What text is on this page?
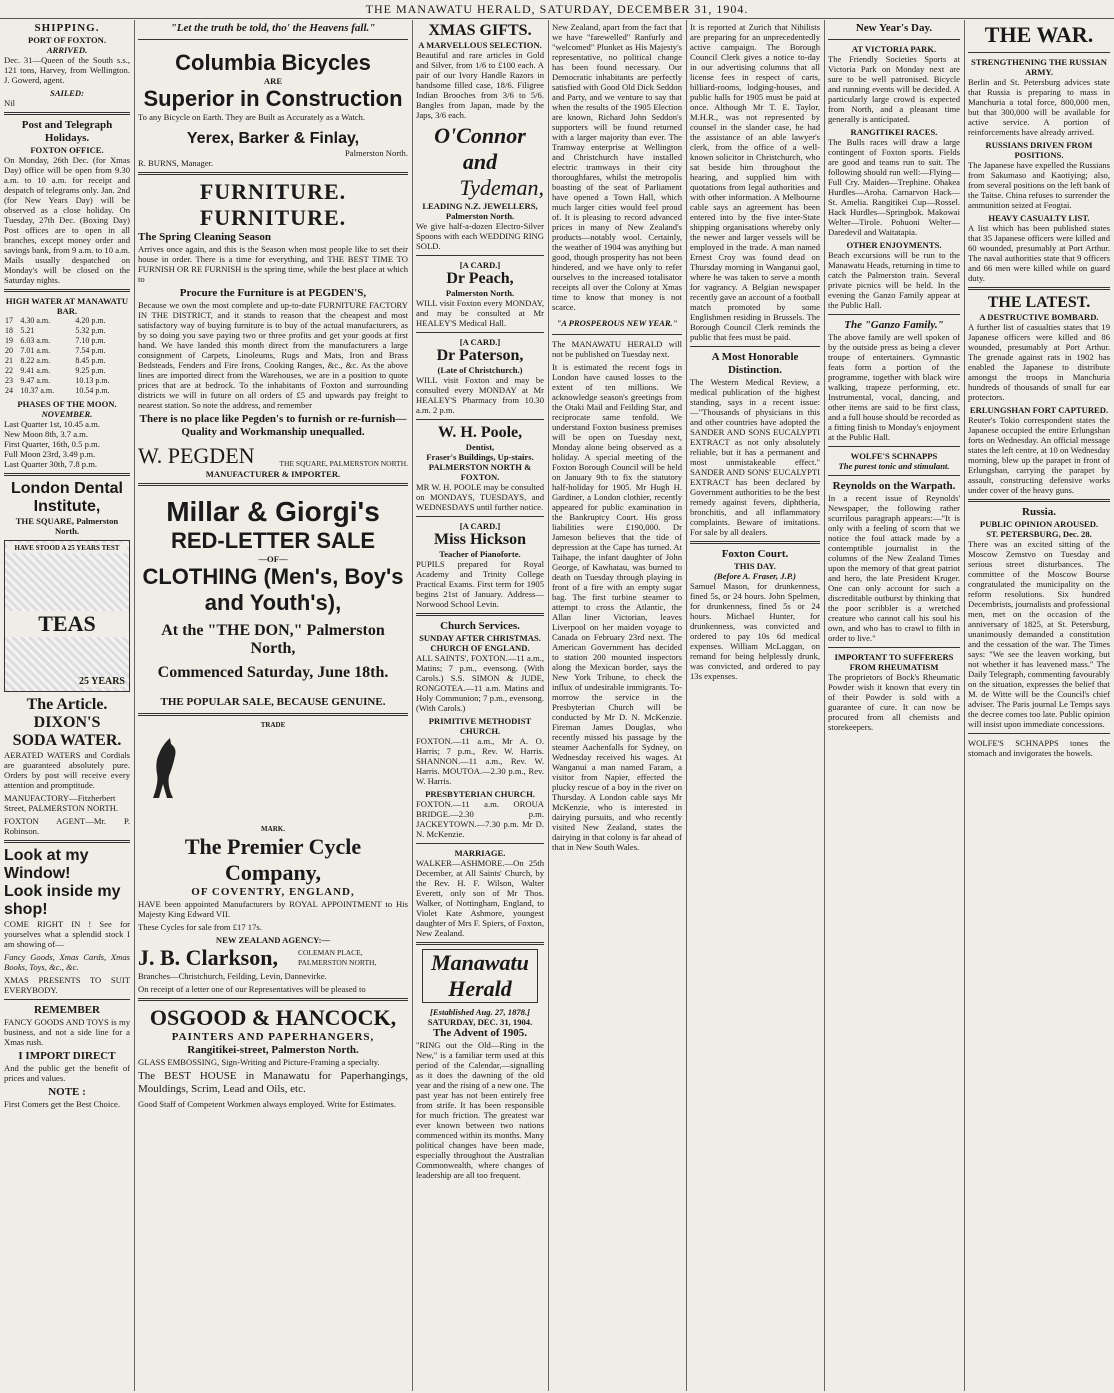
THE MANAWATU HERALD, SATURDAY, DECEMBER 31, 1904.
SHIPPING.
PORT OF FOXTON.
ARRIVED.

Dec. 31—Queen of the South s.s., 121 tons, Harvey, from Wellington. J. Gowerd, agent.

SAILED:

Nil

Post and Telegraph Holidays.
FOXTON OFFICE.

On Monday, 26th Dec. (for Xmas Day) office will be open from 9.30 a.m. to 10 a.m. for receipt and despatch of telegrams only. Jan. 2nd (for New Years Day) will be observed as a close holiday. On Tuesday, 27th Dec. (Boxing Day) Post offices are to open in all branches, except money order and savings bank, from 9 a.m. to 10 a.m. Mails usually despatched on Monday's will be closed on the Saturday nights.

HIGH WATER AT MANAWATU BAR.
17	4.30 a.m.	4.20 p.m.
18	5.21	5.32 p.m.
19	6.03 a.m.	7.10 p.m.
20	7.01 a.m.	7.54 p.m.
21	8.22 a.m.	8.45 p.m.
22	9.41 a.m.	9.25 p.m.
23	9.47 a.m.	10.13 p.m.
24	10.37 a.m.	10.54 p.m.
PHASES OF THE MOON.
NOVEMBER.
Last Quarter 1st, 10.45 a.m.
New Moon 8th, 3.7 a.m.
First Quarter, 16th, 0.5 p.m.
Full Moon 23rd, 3.49 p.m.
Last Quarter 30th, 7.8 p.m.
London Dental Institute,
THE SQUARE, Palmerston North.
HAVE STOOD A 25 YEARS TEST
TEAS
25 YEARS
The Article.
DIXON'S
SODA WATER.

AERATED WATERS and Cordials are guaranteed absolutely pure. Orders by post will receive every attention and promptitude.

MANUFACTORY—Fitzherbert Street, PALMERSTON NORTH.

FOXTON AGENT—Mr. P. Robinson.

Look at my Window!
Look inside my shop!

COME RIGHT IN ! See for yourselves what a splendid stock I am showing of—

Fancy Goods, Xmas Cards, Xmas Books, Toys, &c., &c.

XMAS PRESENTS TO SUIT EVERYBODY.

REMEMBER

FANCY GOODS AND TOYS is my business, and not a side line for a Xmas rush.

I IMPORT DIRECT

And the public get the benefit of prices and values.

NOTE :

First Comers get the Best Choice.

"Let the truth be told, tho' the Heavens fall."
Columbia Bicycles
ARE
Superior in Construction

To any Bicycle on Earth. They are Built as Accurately as a Watch.

Yerex, Barker & Finlay,
Palmerston North.
R. BURNS, Manager.
FURNITURE. FURNITURE.
The Spring Cleaning Season

Arrives once again, and this is the Season when most people like to set their house in order. There is a time for everything, and THE BEST TIME TO FURNISH OR RE FURNISH is the spring time, while the best place at which to

Procure the Furniture is at PEGDEN'S,

Because we own the most complete and up-to-date FURNITURE FACTORY IN THE DISTRICT, and it stands to reason that the cheapest and most satisfactory way of buying furniture is to buy of the actual manufacturers, as by so doing you save paying two or three profits and get your goods at first hand. We have landed this month direct from the manufacturers a large consignment of Carpets, Linoleums, Rugs and Mats, Iron and Brass Bedsteads, Fenders and Fire Irons, Cooking Ranges, &c., &c. As the above lines are imported direct from the Warehouses, we are in a position to quote prices that are at bedrock. To the inhabitants of Foxton and surrounding districts we will in future on all orders of £5 and upwards pay freight to nearest station. So note the address, and remember

There is no place like Pegden's to furnish or re-furnish—Quality and Workmanship unequalled.
W. PEGDEN	THE SQUARE, PALMERSTON NORTH.
MANUFACTURER & IMPORTER.
Millar & Giorgi's
RED-LETTER SALE
—OF—
CLOTHING (Men's, Boy's and Youth's),
At the "THE DON," Palmerston North,
Commenced Saturday, June 18th.
THE POPULAR SALE, BECAUSE GENUINE.
TRADE
MARK.
The Premier Cycle Company,
OF COVENTRY, ENGLAND,

HAVE been appointed Manufacturers by ROYAL APPOINTMENT to His Majesty King Edward VII.

These Cycles for sale from £17 17s.

NEW ZEALAND AGENCY:—
J. B. Clarkson,	COLEMAN PLACE, PALMERSTON NORTH,

Branches—Christchurch, Feilding, Levin, Dannevirke.

On receipt of a letter one of our Representatives will be pleased to

OSGOOD & HANCOCK,
PAINTERS AND PAPERHANGERS,
Rangitikei-street, Palmerston North.

GLASS EMBOSSING, Sign-Writing and Picture-Framing a specialty.

The BEST HOUSE in Manawatu for Paperhangings, Mouldings, Scrim, Lead and Oils, etc.

Good Staff of Competent Workmen always employed. Write for Estimates.

XMAS GIFTS.
A MARVELLOUS SELECTION.

Beautiful and rare articles in Gold and Silver, from 1/6 to £100 each. A pair of our Ivory Handle Razors in handsome filled case, 18/6. Filigree Indian Brooches from 3/6 to 5/6. Bangles from Japan, made by the Japs, 3/6 each.

O'Connor and
Tydeman,
LEADING N.Z. JEWELLERS,
Palmerston North.

We give half-a-dozen Electro-Silver Spoons with each WEDDING RING SOLD.

[A CARD.]
Dr Peach,
Palmerston North.

WILL visit Foxton every MONDAY, and may be consulted at Mr HEALEY'S Medical Hall.

[A CARD.]
Dr Paterson,
(Late of Christchurch.)

WILL visit Foxton and may be consulted every MONDAY at Mr HEALEY'S Pharmacy from 10.30 a.m. 2 p.m.

W. H. Poole,
Dentist,
Fraser's Buildings, Up-stairs. PALMERSTON NORTH & FOXTON.

MR W. H. POOLE may be consulted on MONDAYS, TUESDAYS, and WEDNESDAYS until further notice.

[A CARD.]
Miss Hickson
Teacher of Pianoforte.

PUPILS prepared for Royal Academy and Trinity College Practical Exams. First term for 1905 begins 21st of January. Address—Norwood School Levin.

Church Services.
SUNDAY AFTER CHRISTMAS.
CHURCH OF ENGLAND.

ALL SAINTS', FOXTON.—11 a.m., Matins; 7 p.m., evensong. (With Carols.) S.S. SIMON & JUDE, RONGOTEA.—11 a.m. Matins and Holy Communion; 7 p.m., evensong. (With Carols.)

PRIMITIVE METHODIST CHURCH.

FOXTON.—11 a.m., Mr A. O. Harris; 7 p.m., Rev. W. Harris. SHANNON.—11 a.m., Rev. W. Harris. MOUTOA.—2.30 p.m., Rev. W. Harris.

PRESBYTERIAN CHURCH.

FOXTON.—11 a.m. OROUA BRIDGE.—2.30 p.m. JACKEYTOWN.—7.30 p.m. Mr D. N. McKenzie.

MARRIAGE.

WALKER—ASHMORE.—On 25th December, at All Saints' Church, by the Rev. H. F. Wilson, Walter Everett, only son of Mr Thos. Walker, of Nottingham, England, to Violet Kate Ashmore, youngest daughter of Mrs F. Spiers, of Foxton, New Zealand.

Manawatu Herald
[Established Aug. 27, 1878.]
SATURDAY, DEC. 31, 1904.
The Advent of 1905.

"RING out the Old—Ring in the New," is a familiar term used at this period of the Calendar,—signalling as it does the dawning of the old year and the rising of a new one. The past year has not been entirely free from strife. It has been responsible for much friction. The greatest war ever known between two nations commenced within its months. Many political changes have been made, especially throughout the Australian Commonwealth, where changes of leadership are all too frequent.

New Zealand, apart from the fact that we have "farewelled" Ranfurly and "welcomed" Plunket as His Majesty's representative, no political change has been found necessary. Our Democratic inhabitants are perfectly satisfied with Good Old Dick Seddon and Party, and we venture to say that when the results of the 1905 Election are known, Richard John Seddon's supporters will be found returned with a larger majority than ever. The Tramway enterprise at Wellington and Christchurch have installed electric tramways in their city thoroughfares, whilst the metropolis boasting of the seat of Parliament have opened a Town Hall, which much larger cities would feel proud of. It is pleasing to record advanced prices in many of New Zealand's products—notably wool. Certainly, the weather of 1904 was anything but good, though prosperity has not been hindered, and we have only to refer ourselves to the increased totalisator receipts all over the Colony at Xmas time to know that money is not scarce.

"A PROSPEROUS NEW YEAR."

The MANAWATU HERALD will not be published on Tuesday next.

It is estimated the recent fogs in London have caused losses to the extent of ten millions. We acknowledge season's greetings from the Otaki Mail and Feilding Star, and reciprocate same tenfold. We understand Foxton business premises will be open on Tuesday next, Monday alone being observed as a holiday. A special meeting of the Foxton Borough Council will be held on January 9th to fix the statutory half-holiday for 1905. Mr Hugh H. Gardiner, a London clothier, recently appeared for public examination in the Bankruptcy Court. His gross liabilities were £190,000. Dr Jameson believes that the tide of depression at the Cape has turned. At Taihape, the infant daughter of John George, of Kawhatau, was burned to death on Tuesday through playing in front of a fire with an empty sugar bag. The first turbine steamer to attempt to cross the Atlantic, the Allan liner Victorian, leaves Liverpool on her maiden voyage to Canada on February 23rd next. The American Government has decided to station 200 mounted inspectors along the Mexican border, says the New York Tribune, to check the influx of undesirable immigrants. To-morrow the service in the Presbyterian Church will be conducted by Mr D. N. McKenzie. Fireman James Douglas, who recently missed his passage by the steamer Aachenfalls for Sydney, on Wednesday received his wages. At Wanganui a man named Faram, a visitor from Napier, effected the plucky rescue of a boy in the river on Thursday. A London cable says Mr McKenzie, who is interested in dairying pursuits, and who recently visited New Zealand, states the dairying in that colony is far ahead of that in New South Wales.

It is reported at Zurich that Nihilists are preparing for an unprecedentedly active campaign. The Borough Council Clerk gives a notice to-day in our advertising columns that all license fees in respect of carts, billiard-rooms, lodging-houses, and public halls for 1905 must be paid at once. Although Mr T. E. Taylor, M.H.R., was not represented by counsel in the slander case, he had the assistance of an able lawyer's clerk, from the office of a well-known solicitor in Christchurch, who sat beside him throughout the hearing, and supplied him with quotations from legal authorities and with other information. A Melbourne cable says an agreement has been entered into by the five inter-State shipping organisations whereby only the newer and larger vessels will be employed in the trade. A man named Ernest Croy was found dead on Thursday morning in Wanganui gaol, where he was taken to serve a month for vagrancy. A Belgian newspaper recently gave an account of a football match promoted by some Englishmen residing in Brussels. The Borough Council Clerk reminds the public that fees must be paid.

A Most Honorable Distinction.

The Western Medical Review, a medical publication of the highest standing, says in a recent issue:—"Thousands of physicians in this and other countries have adopted the SANDER AND SONS EUCALYPTI EXTRACT as not only absolutely reliable, but it has a permanent and most unmistakeable effect." SANDER AND SONS' EUCALYPTI EXTRACT has been declared by Government authorities to be the best remedy against fevers, diphtheria, bronchitis, and all inflammatory complaints. Beware of imitations. For sale by all dealers.

Foxton Court.
THIS DAY.
(Before A. Fraser, J.P.)

Samuel Mason, for drunkenness, fined 5s, or 24 hours. John Spelmen, for drunkenness, fined 5s or 24 hours. Michael Hunter, for drunkenness, was convicted and ordered to pay 10s 6d medical expenses. William McLaggan, on remand for being helplessly drunk, was convicted, and ordered to pay 13s expenses.

New Year's Day.
AT VICTORIA PARK.

The Friendly Societies Sports at Victoria Park on Monday next are sure to be well patronised. Bicycle and running events will be decided. A particularly large crowd is expected from North, and a pleasant time generally is anticipated.

RANGITIKEI RACES.

The Bulls races will draw a large contingent of Foxton sports. Fields are good and teams run to suit. The following should run well:—Flying—Full Cry. Maiden—Trephine. Ohakea Hurdles—Aroha. Carnarvon Hack—St. Amelia. Rangitikei Cup—Rossel. Hack Hurdles—Springbok. Makowai Welter—Tirole. Pohuoni Welter—Daredevil and Waitatapia.

OTHER ENJOYMENTS.

Beach excursions will be run to the Manawatu Heads, returning in time to catch the Palmerston train. Several private picnics will be held. In the evening the Ganzo Family appear at the Public Hall.

The "Ganzo Family."

The above family are well spoken of by the outside press as being a clever troupe of entertainers. Gymnastic feats form a portion of the programme, together with black wire walking, trapeze performing, etc. Instrumental, vocal, dancing, and other items are said to be first class, and a full house should be recorded as a fitting finish to Monday's enjoyment at the Public Hall.

WOLFE'S SCHNAPPS
The purest tonic and stimulant.
Reynolds on the Warpath.

In a recent issue of Reynolds' Newspaper, the following rather scurrilous paragraph appears:—"It is only with a feeling of scorn that we notice the foul attack made by a contemptible journalist in the columns of the New Zealand Times upon the memory of that great patriot and hero, the late President Kruger. One can only account for such a discreditable outburst by thinking that the poor scribbler is a wretched creature who cannot call his soul his own, and who has to crawl to filth in order to live."

IMPORTANT TO SUFFERERS FROM RHEUMATISM

The proprietors of Bock's Rheumatic Powder wish it known that every tin of their Powder is sold with a guarantee of cure. It can now be procured from all chemists and storekeepers.

THE WAR.
STRENGTHENING THE RUSSIAN ARMY.

Berlin and St. Petersburg advices state that Russia is preparing to mass in Manchuria a total force, 800,000 men, but that 300,000 will be available for active service. A portion of reinforcements have already arrived.

RUSSIANS DRIVEN FROM POSITIONS.

The Japanese have expelled the Russians from Sakumaso and Kaotiying; also, from several positions on the left bank of the Taitse. China refuses to surrender the ammunition seized at Feogtai.

HEAVY CASUALTY LIST.

A list which has been published states that 35 Japanese officers were killed and 60 wounded, presumably at Port Arthur. The naval authorities state that 9 officers and 66 men were killed while on guard duty.

THE LATEST.
A DESTRUCTIVE BOMBARD.

A further list of casualties states that 19 Japanese officers were killed and 86 wounded, presumably at Port Arthur. The grenade against rats in 1902 has enabled the Japanese to distribute amongst the troops in Manchuria hundreds of thousands of small fur ear protectors.

ERLUNGSHAN FORT CAPTURED.

Reuter's Tokio correspondent states the Japanese occupied the entire Erlungshan forts on Wednesday. An official message states the left centre, at 10 on Wednesday morning, blew up the parapet in front of Erlungshan, carrying the parapet by assault, constructing defensive works under cover of the heavy guns.

Russia.
PUBLIC OPINION AROUSED.
ST. PETERSBURG, Dec. 28.

There was an excited sitting of the Moscow Zemstvo on Tuesday and serious street disturbances. The committee of the Moscow Bourse congratulated the municipality on the reform resolutions. Six hundred Decembrists, journalists and professional men, met on the occasion of the anniversary of 1825, at St. Petersburg, unanimously demanded a constitution and the cessation of the war. The Times says: "We see the leaven working, but not whether it has leavened mass." The Daily Telegraph, commenting favourably on the situation, expresses the belief that M. de Witte will be the Council's chief adviser. The Paris journal Le Temps says the decree comes too late. Public opinion will insist upon immediate concessions.

WOLFE'S SCHNAPPS tones the stomach and invigorates the bowels.
